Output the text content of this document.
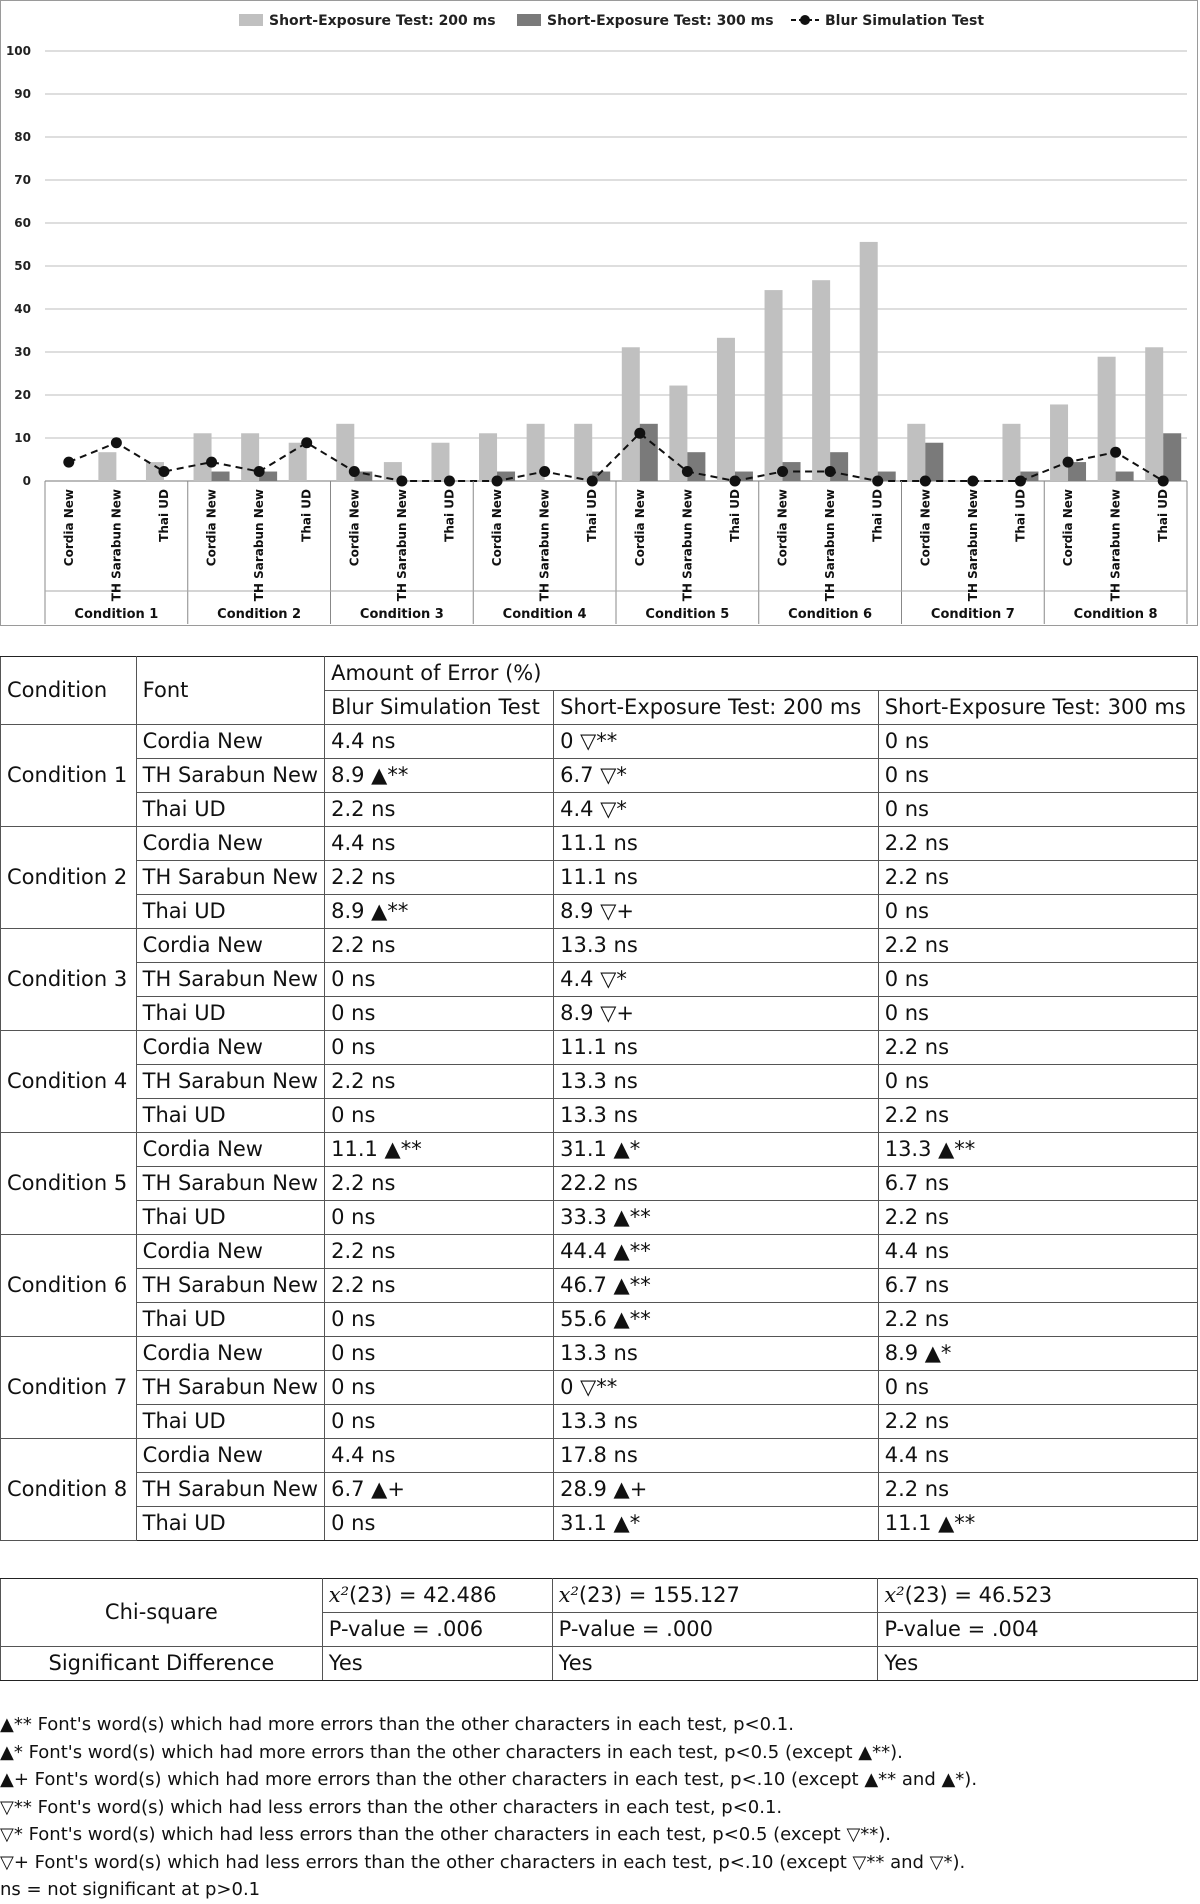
0
10
20
30
40
50
60
70
80
90
100
Cordia New	TH Sarabun New	Thai UD
Condition 1
Cordia New	TH Sarabun New	Thai UD
Condition 2
Cordia New	TH Sarabun New	Thai UD
Condition 3
Cordia New	TH Sarabun New	Thai UD
Condition 4
Cordia New	TH Sarabun New	Thai UD
Condition 5
Cordia New	TH Sarabun New	Thai UD
Condition 6
Cordia New	TH Sarabun New	Thai UD
Condition 7
Cordia New	TH Sarabun New	Thai UD
Condition 8
Short-Exposure Test: 200 ms	Short-Exposure Test: 300 ms	Blur Simulation Test
Condition	Font	Amount of Error (%)		
		Blur Simulation Test	Short-Exposure Test: 200 ms	Short-Exposure Test: 300 ms
Condition 1	Cordia New	4.4 ns	0 ▽**	0 ns
	TH Sarabun New	8.9 ▲**	6.7 ▽*	0 ns
	Thai UD	2.2 ns	4.4 ▽*	0 ns
Condition 2	Cordia New	4.4 ns	11.1 ns	2.2 ns
	TH Sarabun New	2.2 ns	11.1 ns	2.2 ns
	Thai UD	8.9 ▲**	8.9 ▽+	0 ns
Condition 3	Cordia New	2.2 ns	13.3 ns	2.2 ns
	TH Sarabun New	0 ns	4.4 ▽*	0 ns
	Thai UD	0 ns	8.9 ▽+	0 ns
Condition 4	Cordia New	0 ns	11.1 ns	2.2 ns
	TH Sarabun New	2.2 ns	13.3 ns	0 ns
	Thai UD	0 ns	13.3 ns	2.2 ns
Condition 5	Cordia New	11.1 ▲**	31.1 ▲*	13.3 ▲**
	TH Sarabun New	2.2 ns	22.2 ns	6.7 ns
	Thai UD	0 ns	33.3 ▲**	2.2 ns
Condition 6	Cordia New	2.2 ns	44.4 ▲**	4.4 ns
	TH Sarabun New	2.2 ns	46.7 ▲**	6.7 ns
	Thai UD	0 ns	55.6 ▲**	2.2 ns
Condition 7	Cordia New	0 ns	13.3 ns	8.9 ▲*
	TH Sarabun New	0 ns	0 ▽**	0 ns
	Thai UD	0 ns	13.3 ns	2.2 ns
Condition 8	Cordia New	4.4 ns	17.8 ns	4.4 ns
	TH Sarabun New	6.7 ▲+	28.9 ▲+	2.2 ns
	Thai UD	0 ns	31.1 ▲*	11.1 ▲**
Chi-square	𝑥²(23) = 42.486	𝑥²(23) = 155.127	𝑥²(23) = 46.523
	P-value = .006	P-value = .000	P-value = .004
Significant Difference	Yes	Yes	Yes
▲** Font's word(s) which had more errors than the other characters in each test, p<0.1.
▲* Font's word(s) which had more errors than the other characters in each test, p<0.5 (except ▲**).
▲+ Font's word(s) which had more errors than the other characters in each test, p<.10 (except ▲** and ▲*).
▽** Font's word(s) which had less errors than the other characters in each test, p<0.1.
▽* Font's word(s) which had less errors than the other characters in each test, p<0.5 (except ▽**).
▽+ Font's word(s) which had less errors than the other characters in each test, p<.10 (except ▽** and ▽*).
ns = not significant at p>0.1
